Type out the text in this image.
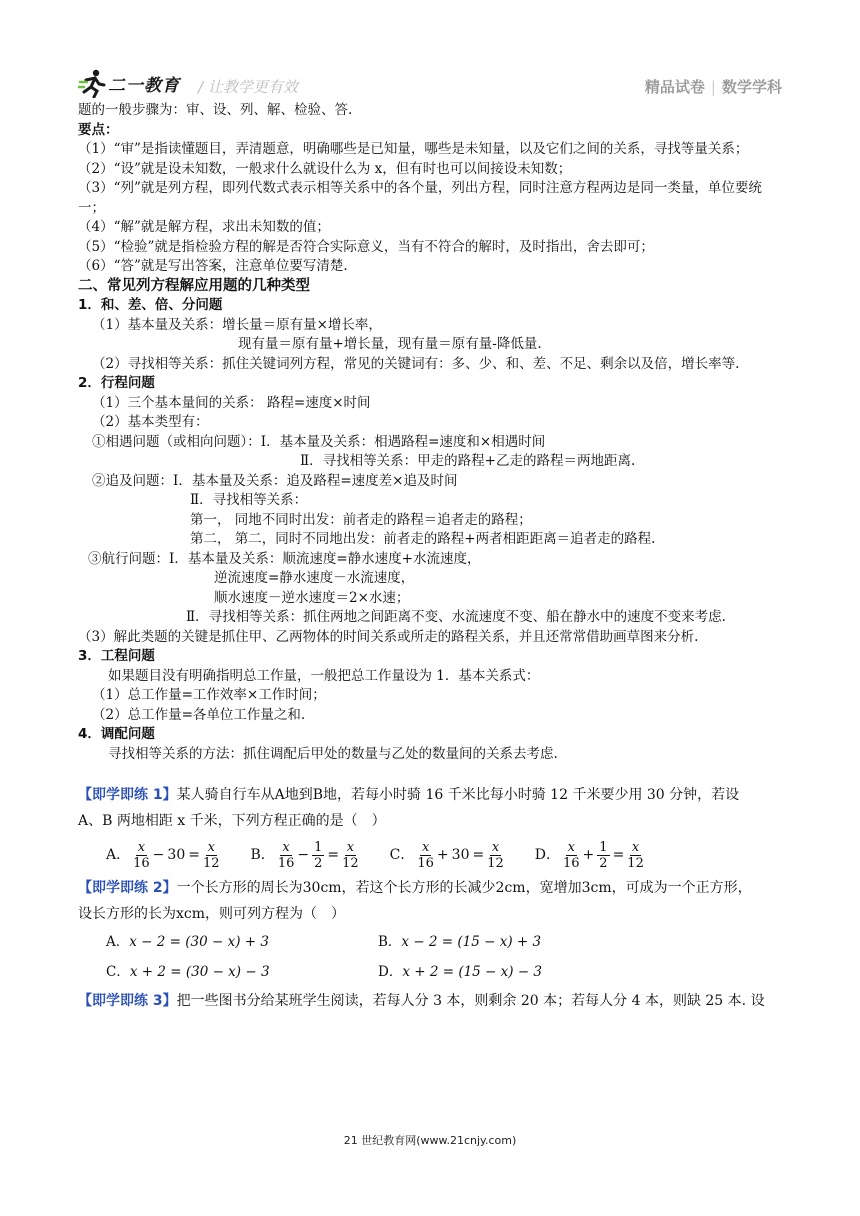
二一教育 / 让教学更有效	精品试卷 | 数学学科

题的一般步骤为：审、设、列、解、检验、答.

要点：

（1）“审”是指读懂题目，弄清题意，明确哪些是已知量，哪些是未知量，以及它们之间的关系，寻找等量关系；

（2）“设”就是设未知数，一般求什么就设什么为 x，但有时也可以间接设未知数；

（3）“列”就是列方程，即列代数式表示相等关系中的各个量，列出方程，同时注意方程两边是同一类量，单位要统一；

（4）“解”就是解方程，求出未知数的值；

（5）“检验”就是指检验方程的解是否符合实际意义，当有不符合的解时，及时指出，舍去即可；

（6）“答”就是写出答案，注意单位要写清楚.

二、常见列方程解应用题的几种类型

1．和、差、倍、分问题

（1）基本量及关系：增长量＝原有量×增长率，

现有量＝原有量+增长量，现有量＝原有量-降低量.

（2）寻找相等关系：抓住关键词列方程，常见的关键词有：多、少、和、差、不足、剩余以及倍，增长率等.

2．行程问题

（1）三个基本量间的关系： 路程=速度×时间

（2）基本类型有：

①相遇问题（或相向问题）：Ⅰ．基本量及关系：相遇路程=速度和×相遇时间

Ⅱ．寻找相等关系：甲走的路程+乙走的路程＝两地距离.

②追及问题：Ⅰ．基本量及关系：追及路程=速度差×追及时间

Ⅱ．寻找相等关系：

第一， 同地不同时出发：前者走的路程＝追者走的路程；

第二， 第二，同时不同地出发：前者走的路程+两者相距距离＝追者走的路程.

③航行问题：Ⅰ．基本量及关系：顺流速度=静水速度+水流速度，

逆流速度=静水速度－水流速度，

顺水速度－逆水速度＝2×水速；

Ⅱ．寻找相等关系：抓住两地之间距离不变、水流速度不变、船在静水中的速度不变来考虑.

（3）解此类题的关键是抓住甲、乙两物体的时间关系或所走的路程关系，并且还常常借助画草图来分析.

3．工程问题

如果题目没有明确指明总工作量，一般把总工作量设为 1．基本关系式：

（1）总工作量=工作效率×工作时间；

（2）总工作量=各单位工作量之和.

4．调配问题

寻找相等关系的方法：抓住调配后甲处的数量与乙处的数量间的关系去考虑.

【即学即练 1】某人骑自行车从A地到B地，若每小时骑 16 千米比每小时骑 12 千米要少用 30 分钟，若设

A、B 两地相距 x 千米，下列方程正确的是（　）

A． $\frac{x}{16} - 30 = \frac{x}{12}$ B． $\frac{x}{16} - \frac{1}{2} = \frac{x}{12}$ C． $\frac{x}{16} + 30 = \frac{x}{12}$ D． $\frac{x}{16} + \frac{1}{2} = \frac{x}{12}$

【即学即练 2】一个长方形的周长为30cm，若这个长方形的长减少2cm，宽增加3cm，可成为一个正方形，

设长方形的长为xcm，则可列方程为（　）

A．x − 2 = (30 − x) + 3	B．x − 2 = (15 − x) + 3
C．x + 2 = (30 − x) − 3	D．x + 2 = (15 − x) − 3

【即学即练 3】把一些图书分给某班学生阅读，若每人分 3 本，则剩余 20 本；若每人分 4 本，则缺 25 本. 设

21 世纪教育网(www.21cnjy.com)
